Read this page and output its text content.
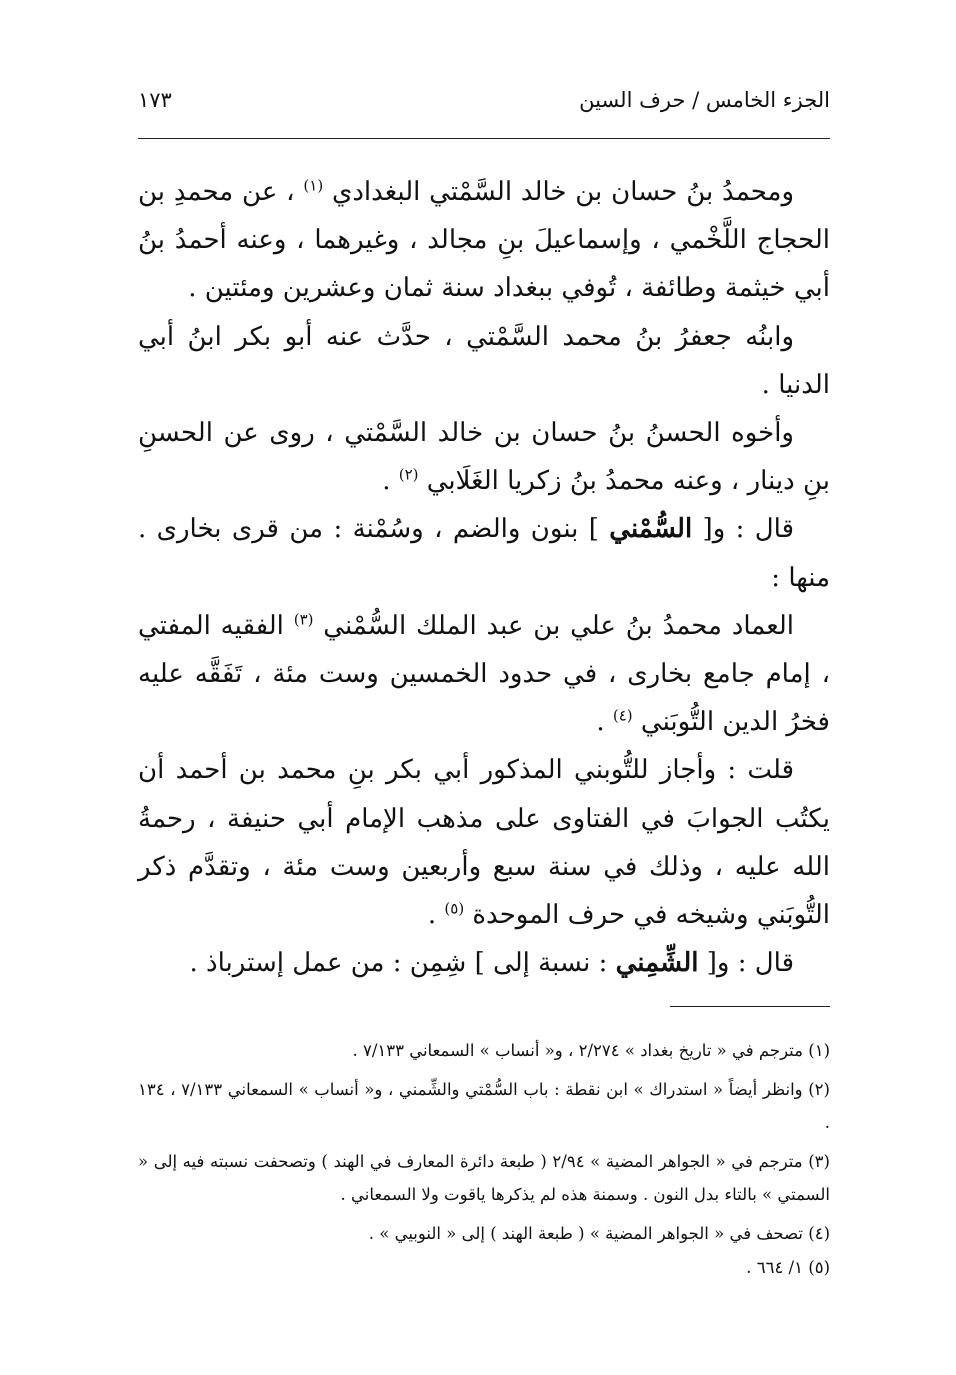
الجزء الخامس / حرف السين
١٧٣

ومحمدُ بنُ حسان بن خالد السَّمْتي البغدادي $^{(١)}$ ، عن محمدِ بن الحجاج اللَّخْمي ، وإسماعيلَ بنِ مجالد ، وغيرهما ، وعنه أحمدُ بنُ أبي خيثمة وطائفة ، تُوفي ببغداد سنة ثمان وعشرين ومئتين .

وابنُه جعفرُ بنُ محمد السَّمْتي ، حدَّث عنه أبو بكر ابنُ أبي الدنيا .

وأخوه الحسنُ بنُ حسان بن خالد السَّمْتي ، روى عن الحسنِ بنِ دينار ، وعنه محمدُ بنُ زكريا الغَلَابي $^{(٢)}$ .

قال : و[ السُّمْني ] بنون والضم ، وسُمْنة : من قرى بخارى . منها :

العماد محمدُ بنُ علي بن عبد الملك السُّمْني $^{(٣)}$ الفقيه المفتي ، إمام جامع بخارى ، في حدود الخمسين وست مئة ، تَفَقَّه عليه فخرُ الدين التُّوبَني $^{(٤)}$ .

قلت : وأجاز للتُّوبني المذكور أبي بكر بنِ محمد بن أحمد أن يكتُب الجوابَ في الفتاوى على مذهب الإمام أبي حنيفة ، رحمةُ الله عليه ، وذلك في سنة سبع وأربعين وست مئة ، وتقدَّم ذكر التُّوبَني وشيخه في حرف الموحدة $^{(٥)}$ .

قال : و[ الشِّمِني : نسبة إلى ] شِمِن : من عمل إسترباذ .

(١) مترجم في « تاريخ بغداد » ٢/٢٧٤ ، و« أنساب » السمعاني ٧/١٣٣ .

(٢) وانظر أيضاً « استدراك » ابن نقطة : باب السُّمْتي والشِّمني ، و« أنساب » السمعاني ٧/١٣٣ ، ١٣٤ .

(٣) مترجم في « الجواهر المضية » ٢/٩٤ ( طبعة دائرة المعارف في الهند ) وتصحفت نسبته فيه إلى « السمتي » بالتاء بدل النون . وسمنة هذه لم يذكرها ياقوت ولا السمعاني .

(٤) تصحف في « الجواهر المضية » ( طبعة الهند ) إلى « النوبيي » .

(٥) ١/ ٦٦٤ .
